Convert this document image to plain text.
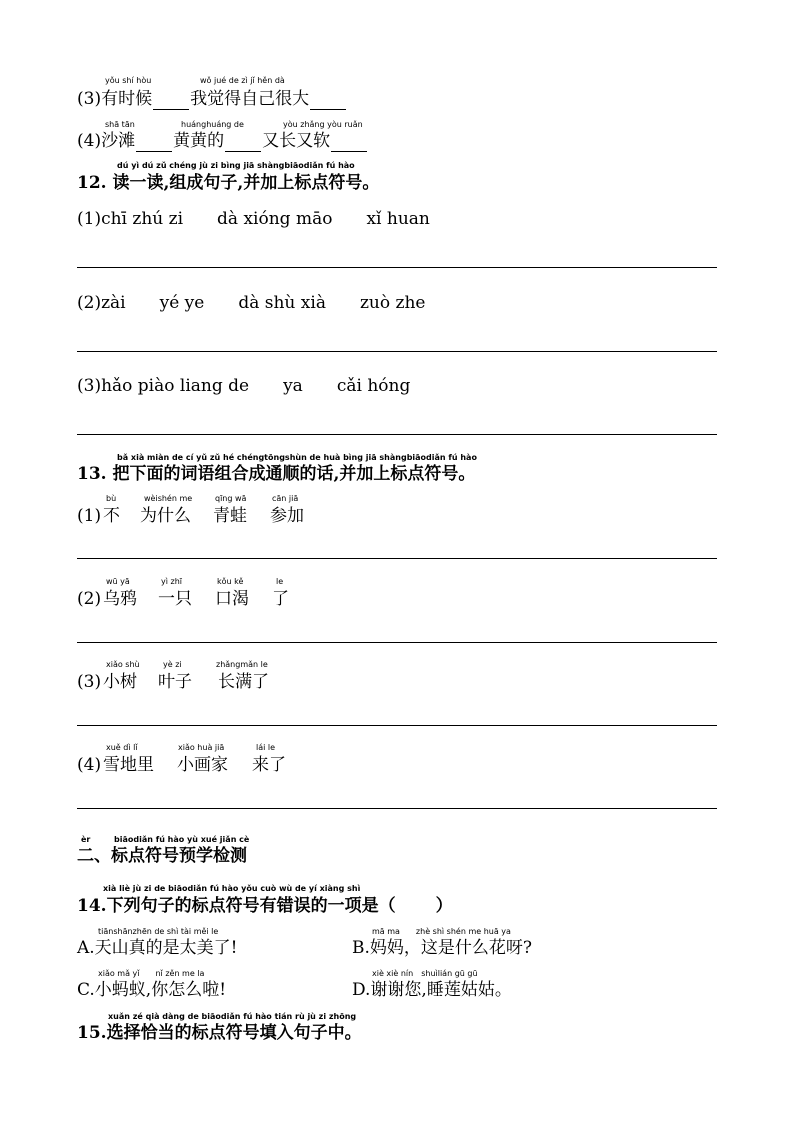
yǒu shí hòu	wǒ jué de zì jǐ hěn dà
(3)有时候 我觉得自己很大
shā tān	huánghuáng de	yòu zhǎng yòu ruǎn
(4)沙滩 黄黄的 又长又软
dú yì dú zǔ chéng jù zi bìng jiā shàngbiāodiǎn fú hào
12. 读一读,组成句子,并加上标点符号。
(1)chī zhú zi　　dà xióng māo　　xǐ huan
(2)zài　　yé ye　　dà shù xià　　zuò zhe
(3)hǎo piào liang de　　ya　　cǎi hóng
bǎ xià miàn de cí yǔ zǔ hé chéngtōngshùn de huà bìng jiā shàngbiāodiǎn fú hào
13. 把下面的词语组合成通顺的话,并加上标点符号。
bù	wèishén me	qīng wā	cān jiā
(1) 不 为什么 青蛙 参加
wū yā	yì zhī	kǒu kě	le
(2) 乌鸦 一只 口渴 了
xiǎo shù	yè zi	zhǎngmǎn le
(3) 小树 叶子 长满了
xuě dì lǐ	xiǎo huà jiā	lái le
(4) 雪地里 小画家 来了
èr	biāodiǎn fú hào yù xué jiǎn cè
二、标点符号预学检测
xià liè jù zi de biāodiǎn fú hào yǒu cuò wù de yí xiàng shì
14.下列句子的标点符号有错误的一项是（ ）
tiānshānzhēn de shì tài měi le
A.天山真的是太美了!
mā ma　　zhè shì shén me huā ya
B.妈妈，这是什么花呀?
xiǎo mǎ yǐ　　nǐ zěn me la
C.小蚂蚁,你怎么啦!
xiè xiè nín　shuìlián gū gū
D.谢谢您,睡莲姑姑。
xuǎn zé qià dàng de biāodiǎn fú hào tián rù jù zi zhōng
15.选择恰当的标点符号填入句子中。
